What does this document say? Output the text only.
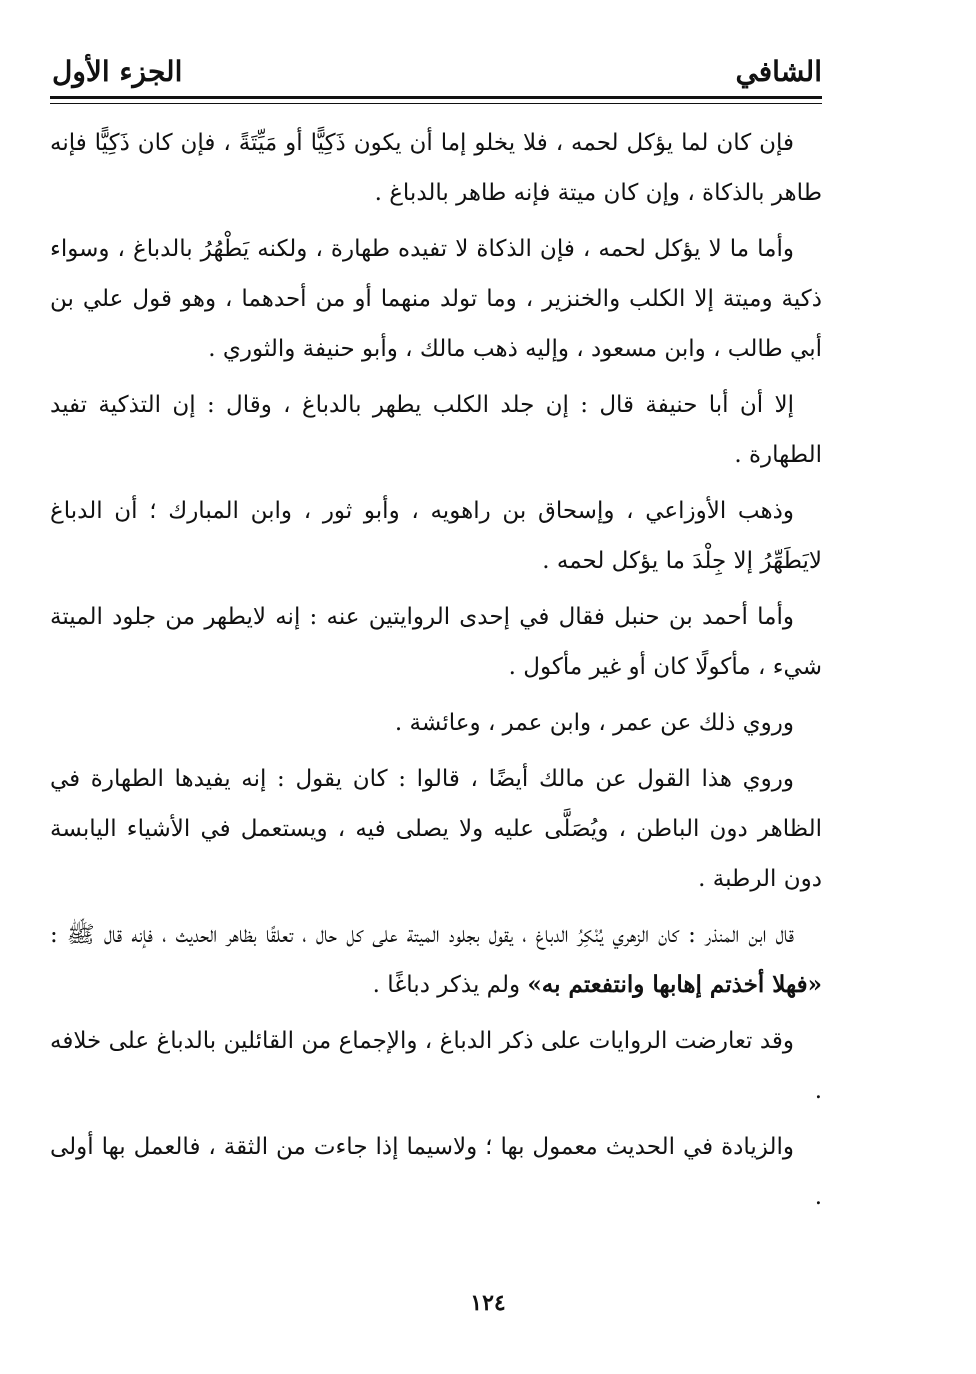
الشافي
الجزء الأول

فإن كان لما يؤكل لحمه ، فلا يخلو إما أن يكون ذَكِيًّا أو مَيِّتَةً ، فإن كان ذَكِيًّا فإنه طاهر بالذكاة ، وإن كان ميتة فإنه طاهر بالدباغ .

وأما ما لا يؤكل لحمه ، فإن الذكاة لا تفيده طهارة ، ولكنه يَطْهُرُ بالدباغ ، وسواء ذكية وميتة إلا الكلب والخنزير ، وما تولد منهما أو من أحدهما ، وهو قول علي بن أبي طالب ، وابن مسعود ، وإليه ذهب مالك ، وأبو حنيفة والثوري .

إلا أن أبا حنيفة قال : إن جلد الكلب يطهر بالدباغ ، وقال : إن التذكية تفيد الطهارة .

وذهب الأوزاعي ، وإسحاق بن راهويه ، وأبو ثور ، وابن المبارك ؛ أن الدباغ لايَطَهِّرُ إلا جِلْدَ ما يؤكل لحمه .

وأما أحمد بن حنبل فقال في إحدى الروايتين عنه : إنه لايطهر من جلود الميتة شيء ، مأكولًا كان أو غير مأكول .

وروي ذلك عن عمر ، وابن عمر ، وعائشة .

وروي هذا القول عن مالك أيضًا ، قالوا : كان يقول : إنه يفيدها الطهارة في الظاهر دون الباطن ، ويُصَلَّى عليه ولا يصلى فيه ، ويستعمل في الأشياء اليابسة دون الرطبة .

قال ابن المنذر : كان الزهري يُنْكِرُ الدباغ ، يقول بجلود الميتة على كل حال ، تعلقًا بظاهر الحديث ، فإنه قال ﷺ : «فهلا أخذتم إهابها وانتفعتم به» ولم يذكر دباغًا .

وقد تعارضت الروايات على ذكر الدباغ ، والإجماع من القائلين بالدباغ على خلافه .

والزيادة في الحديث معمول بها ؛ ولاسيما إذا جاءت من الثقة ، فالعمل بها أولى .

١٢٤
